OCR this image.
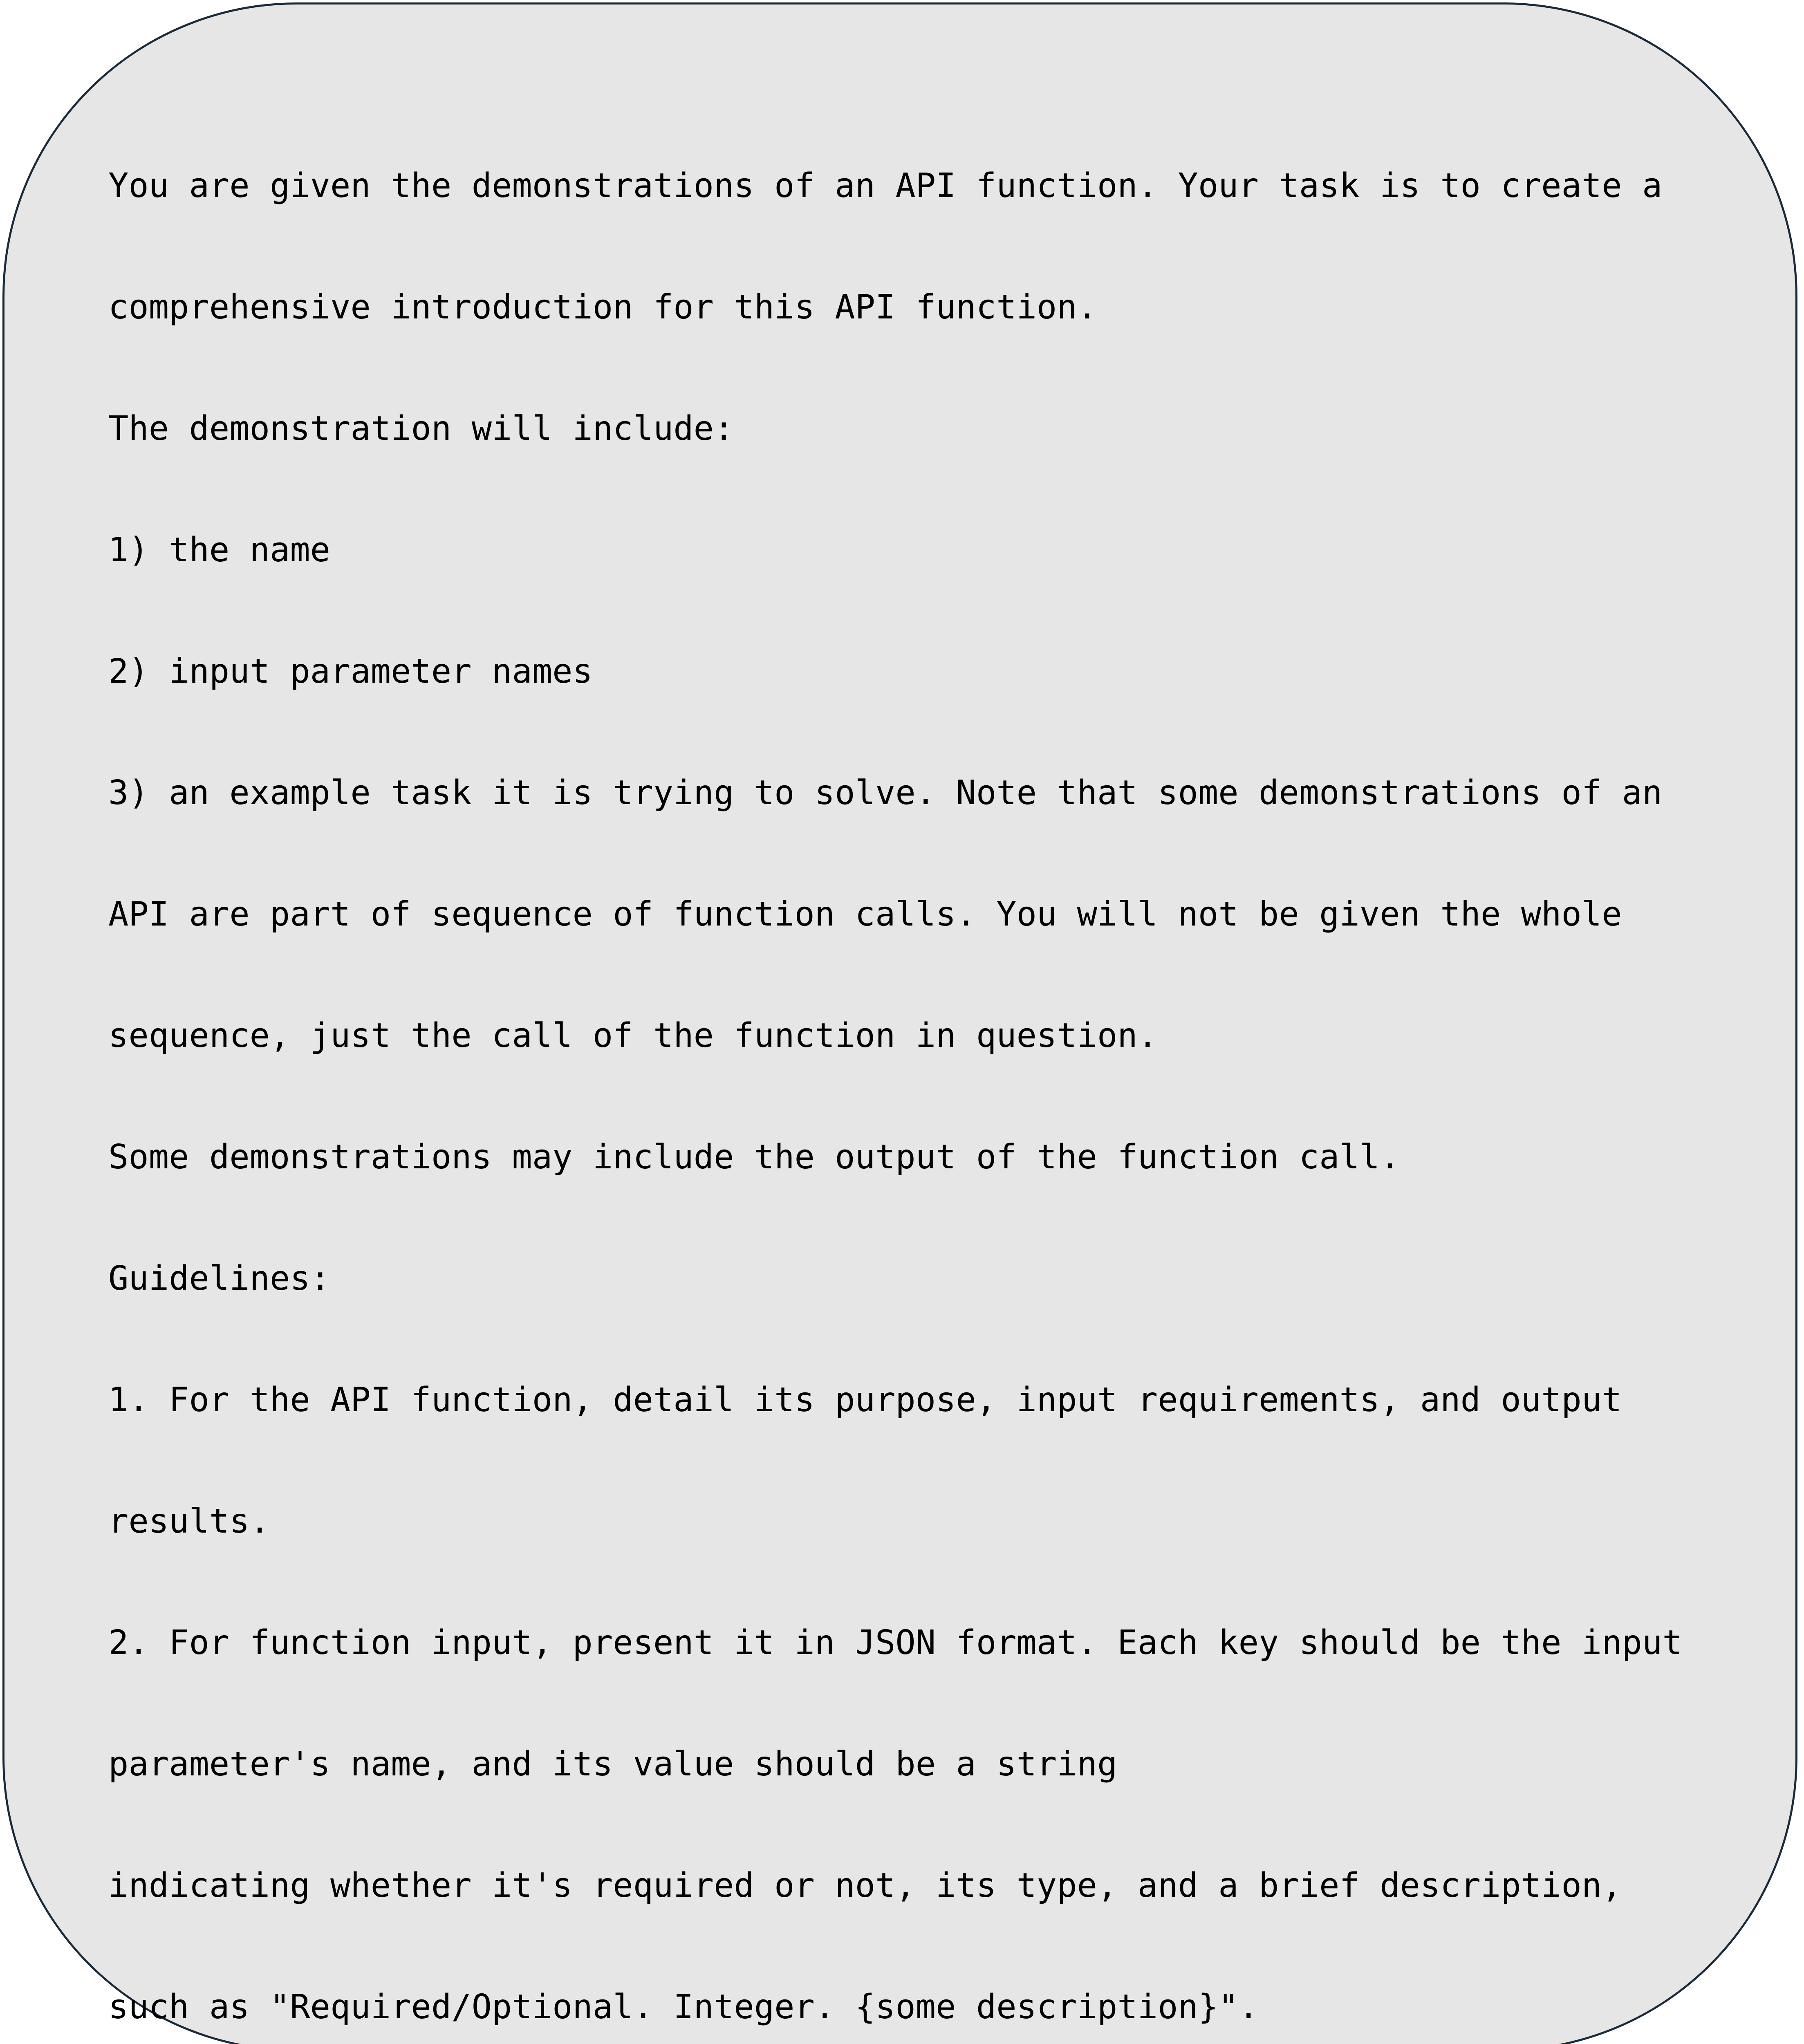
You are given the demonstrations of an API function. Your task is to create a

comprehensive introduction for this API function.

The demonstration will include:

1) the name

2) input parameter names

3) an example task it is trying to solve. Note that some demonstrations of an

API are part of sequence of function calls. You will not be given the whole

sequence, just the call of the function in question.

Some demonstrations may include the output of the function call.

Guidelines:

1. For the API function, detail its purpose, input requirements, and output

results.

2. For function input, present it in JSON format. Each key should be the input

parameter's name, and its value should be a string

indicating whether it's required or not, its type, and a brief description,

such as "Required/Optional. Integer. {some description}".
